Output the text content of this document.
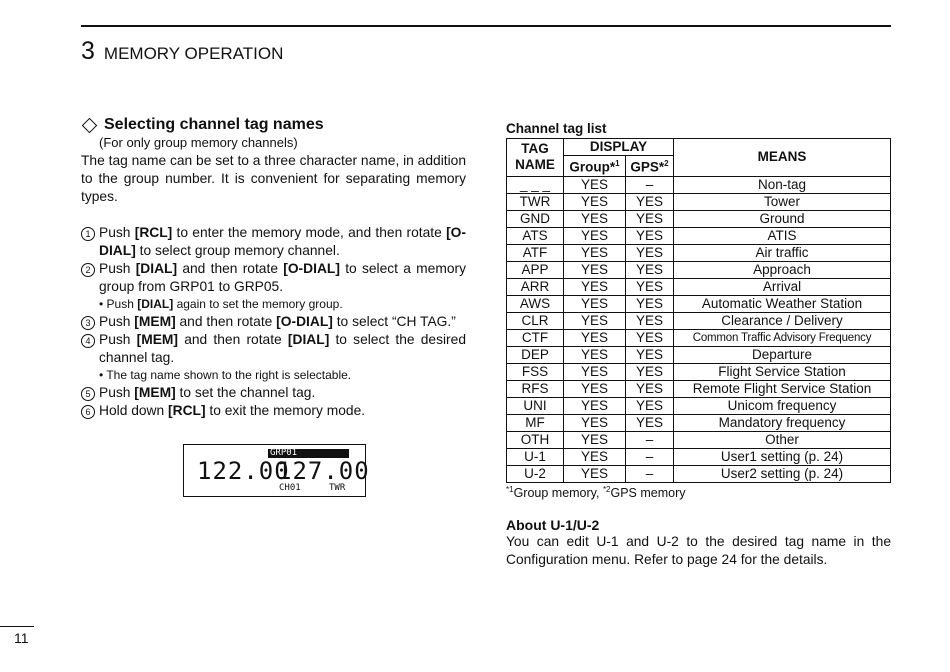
3 MEMORY OPERATION
Selecting channel tag names
(For only group memory channels)
The tag name can be set to a three character name, in addition to the group number. It is convenient for separating memory types.
1 Push [RCL] to enter the memory mode, and then rotate [O-DIAL] to select group memory channel.
2 Push [DIAL] and then rotate [O-DIAL] to select a memory group from GRP01 to GRP05.
• Push [DIAL] again to set the memory group.
3 Push [MEM] and then rotate [O-DIAL] to select “CH TAG.”
4 Push [MEM] and then rotate [DIAL] to select the desired channel tag.
• The tag name shown to the right is selectable.
5 Push [MEM] to set the channel tag.
6 Hold down [RCL] to exit the memory mode.
GRP01
122.00
127.00
CH01	TWR
Channel tag list
TAG NAME	DISPLAY		MEANS
	Group*$^1$	GPS*$^2$
_ _ _	YES	–	Non-tag
TWR	YES	YES	Tower
GND	YES	YES	Ground
ATS	YES	YES	ATIS
ATF	YES	YES	Air traffic
APP	YES	YES	Approach
ARR	YES	YES	Arrival
AWS	YES	YES	Automatic Weather Station
CLR	YES	YES	Clearance / Delivery
CTF	YES	YES	Common Traffic Advisory Frequency
DEP	YES	YES	Departure
FSS	YES	YES	Flight Service Station
RFS	YES	YES	Remote Flight Service Station
UNI	YES	YES	Unicom frequency
MF	YES	YES	Mandatory frequency
OTH	YES	–	Other
U-1	YES	–	User1 setting (p. 24)
U-2	YES	–	User2 setting (p. 24)
$^{*1}$Group memory, $^{*2}$GPS memory
About U-1/U-2
You can edit U-1 and U-2 to the desired tag name in the Configuration menu. Refer to page 24 for the details.
11
